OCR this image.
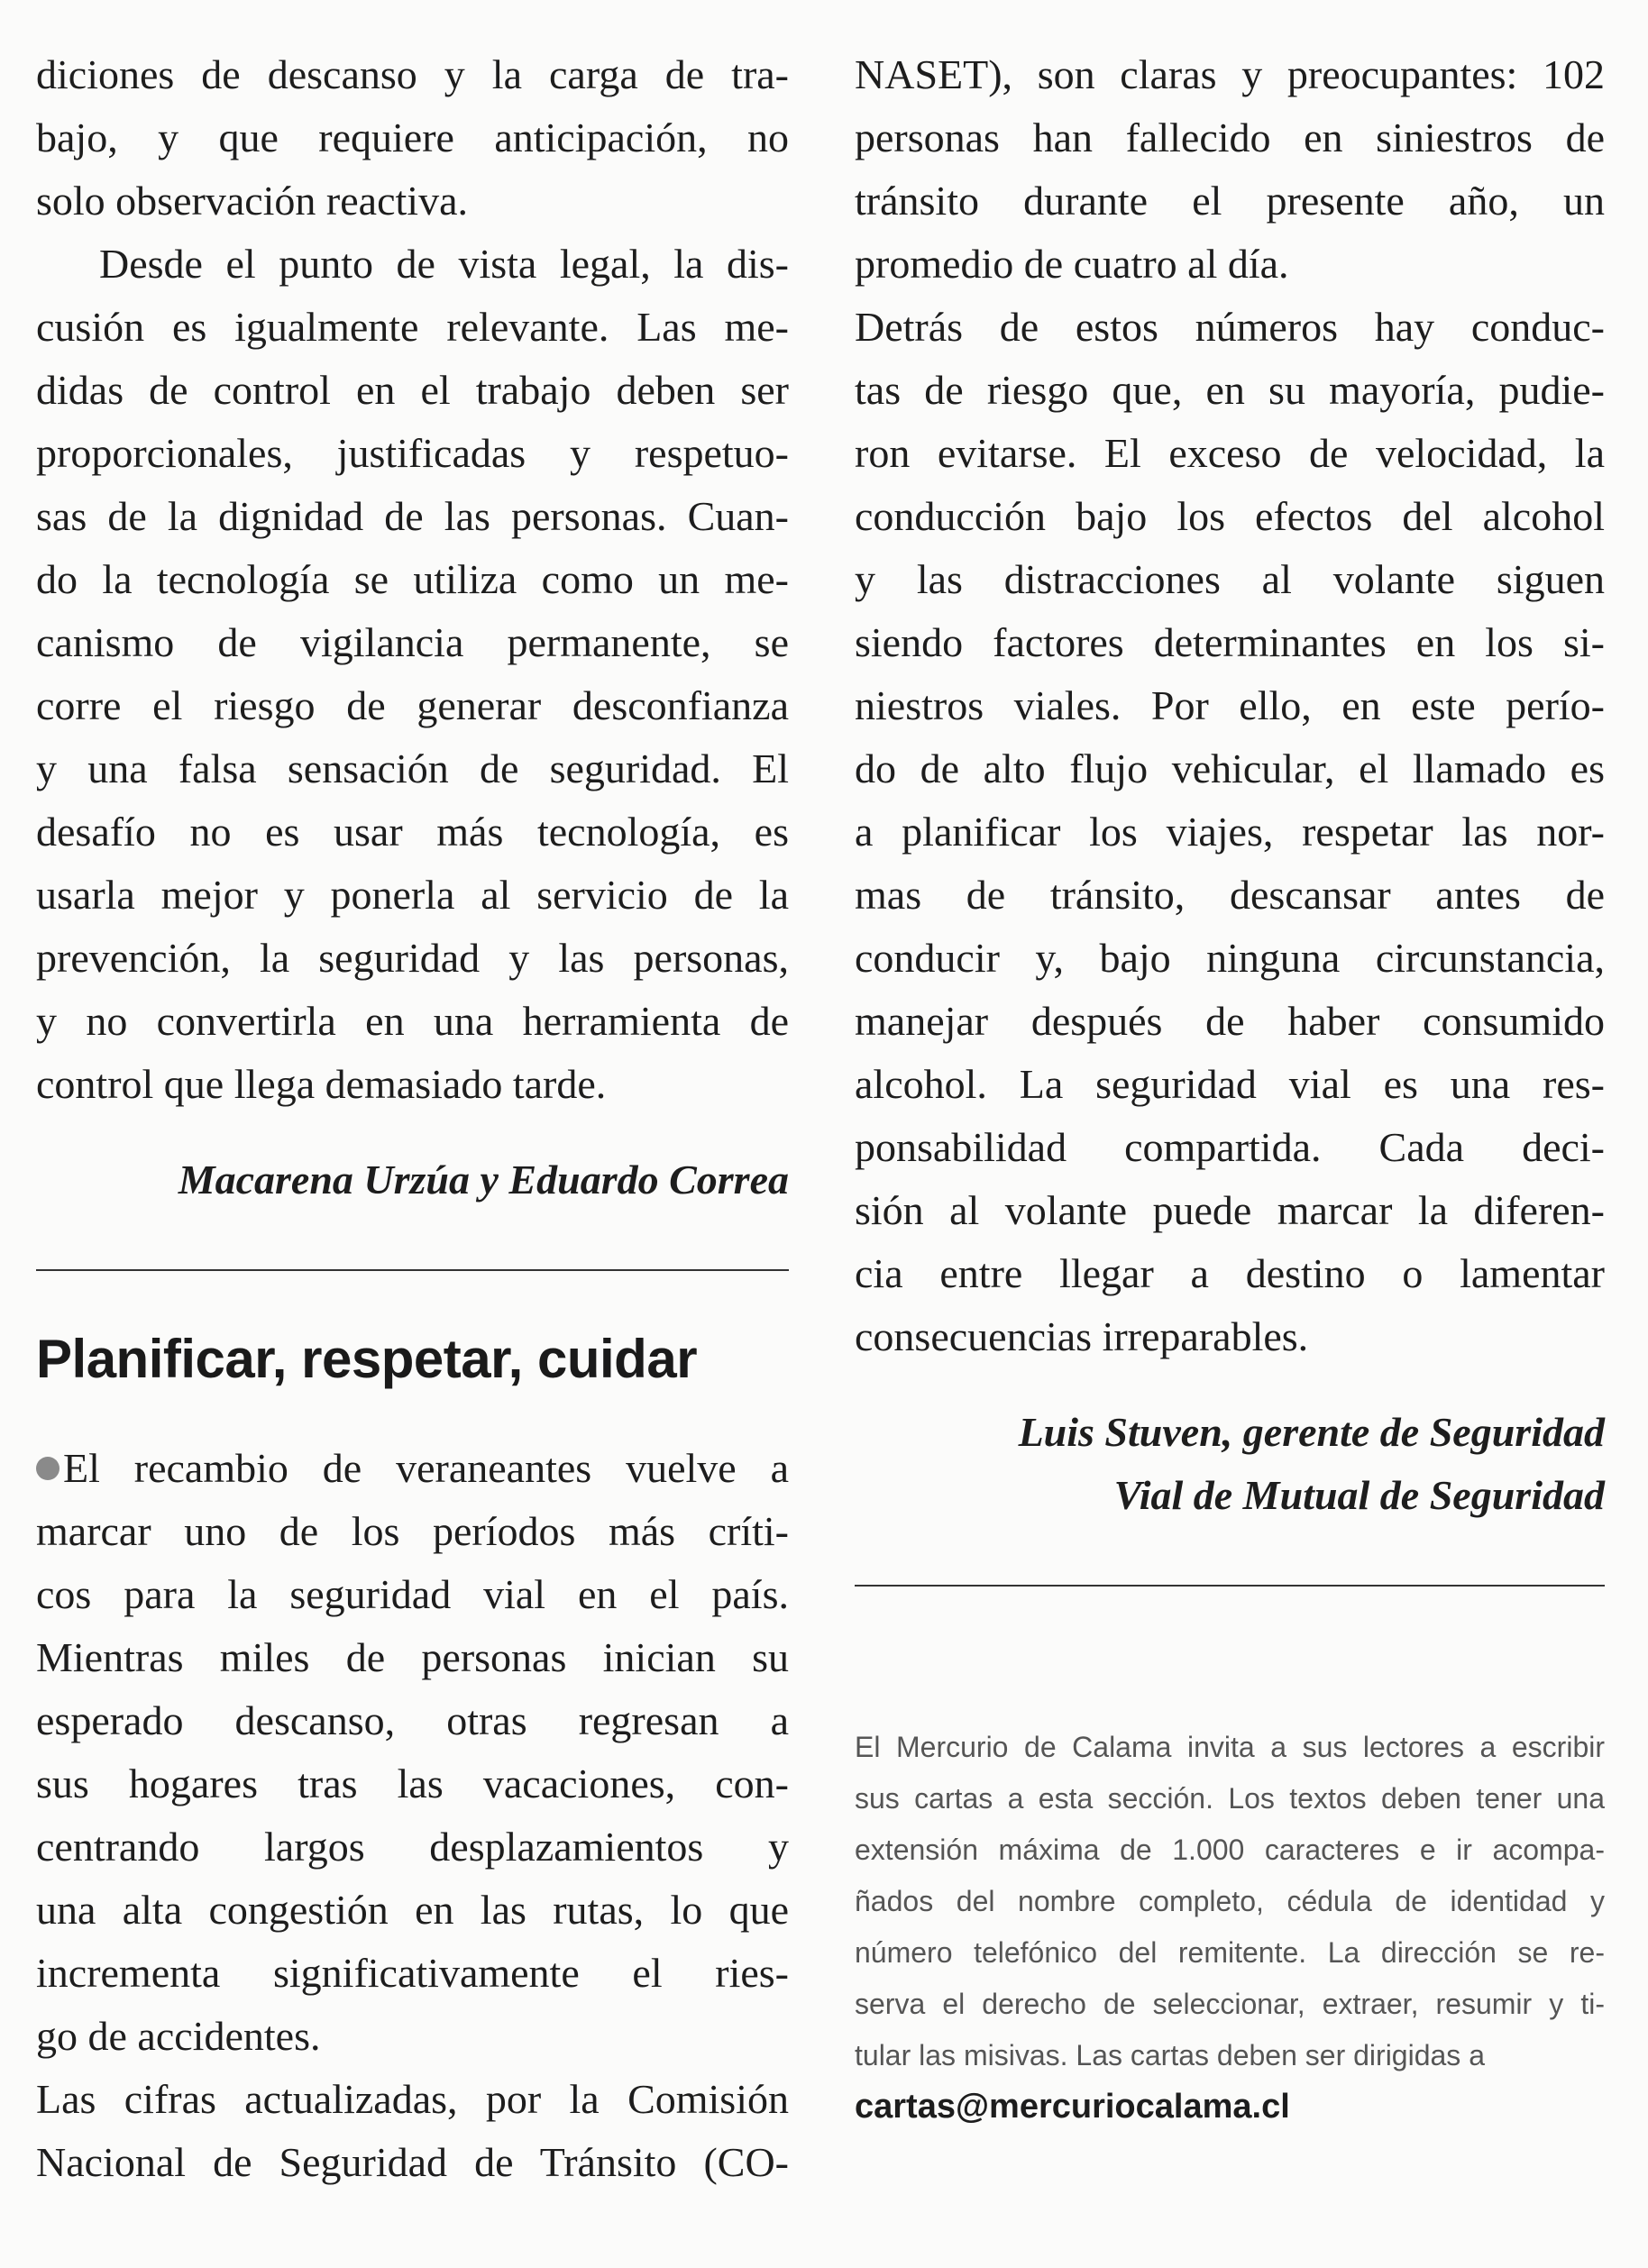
diciones de descanso y la carga de tra-
bajo, y que requiere anticipación, no
solo observación reactiva.
Desde el punto de vista legal, la dis-
cusión es igualmente relevante. Las me-
didas de control en el trabajo deben ser
proporcionales, justificadas y respetuo-
sas de la dignidad de las personas. Cuan-
do la tecnología se utiliza como un me-
canismo de vigilancia permanente, se
corre el riesgo de generar desconfianza
y una falsa sensación de seguridad. El
desafío no es usar más tecnología, es
usarla mejor y ponerla al servicio de la
prevención, la seguridad y las personas,
y no convertirla en una herramienta de
control que llega demasiado tarde.
Macarena Urzúa y Eduardo Correa
Planificar, respetar, cuidar
El recambio de veraneantes vuelve a
marcar uno de los períodos más críti-
cos para la seguridad vial en el país.
Mientras miles de personas inician su
esperado descanso, otras regresan a
sus hogares tras las vacaciones, con-
centrando largos desplazamientos y
una alta congestión en las rutas, lo que
incrementa significativamente el ries-
go de accidentes.
Las cifras actualizadas, por la Comisión
Nacional de Seguridad de Tránsito (CO-
NASET), son claras y preocupantes: 102
personas han fallecido en siniestros de
tránsito durante el presente año, un
promedio de cuatro al día.
Detrás de estos números hay conduc-
tas de riesgo que, en su mayoría, pudie-
ron evitarse. El exceso de velocidad, la
conducción bajo los efectos del alcohol
y las distracciones al volante siguen
siendo factores determinantes en los si-
niestros viales. Por ello, en este perío-
do de alto flujo vehicular, el llamado es
a planificar los viajes, respetar las nor-
mas de tránsito, descansar antes de
conducir y, bajo ninguna circunstancia,
manejar después de haber consumido
alcohol. La seguridad vial es una res-
ponsabilidad compartida. Cada deci-
sión al volante puede marcar la diferen-
cia entre llegar a destino o lamentar
consecuencias irreparables.
Luis Stuven, gerente de Seguridad
Vial de Mutual de Seguridad
El Mercurio de Calama invita a sus lectores a escribir
sus cartas a esta sección. Los textos deben tener una
extensión máxima de 1.000 caracteres e ir acompa-
ñados del nombre completo, cédula de identidad y
número telefónico del remitente. La dirección se re-
serva el derecho de seleccionar, extraer, resumir y ti-
tular las misivas. Las cartas deben ser dirigidas a
cartas@mercuriocalama.cl
